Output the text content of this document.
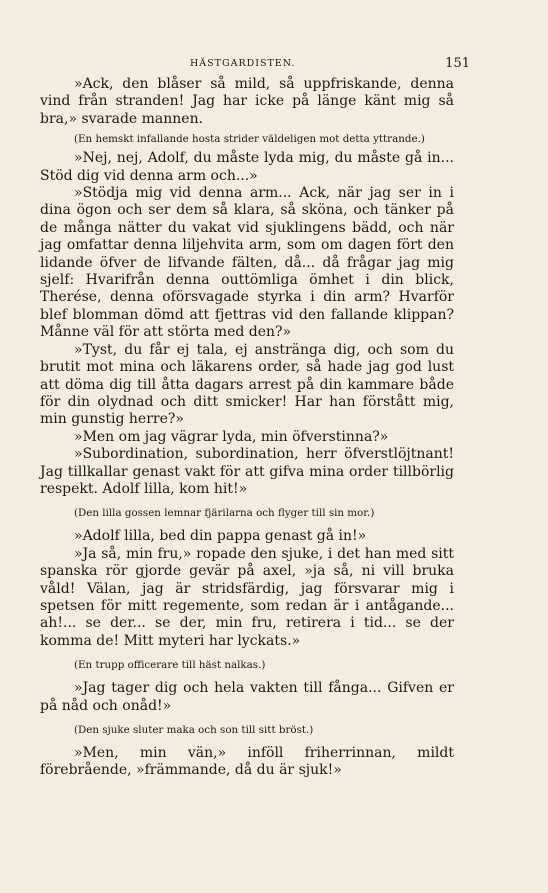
HÄSTGARDISTEN.	151

»Ack, den blåser så mild, så uppfriskande, denna vind från stranden! Jag har icke på länge känt mig så bra,» svarade mannen.

(En hemskt infallande hosta strider väldeligen mot detta yttrande.)

»Nej, nej, Adolf, du måste lyda mig, du måste gå in... Stöd dig vid denna arm och...»

»Stödja mig vid denna arm... Ack, när jag ser in i dina ögon och ser dem så klara, så sköna, och tänker på de många nätter du vakat vid sjuklingens bädd, och när jag omfattar denna liljehvita arm, som om dagen fört den lidande öfver de lifvande fälten, då... då frågar jag mig sjelf: Hvarifrån denna outtömliga ömhet i din blick, Therése, denna oförsvagade styrka i din arm? Hvarför blef blomman dömd att fjettras vid den fallande klippan? Månne väl för att störta med den?»

»Tyst, du får ej tala, ej anstränga dig, och som du brutit mot mina och läkarens order, så hade jag god lust att döma dig till åtta dagars arrest på din kammare både för din olydnad och ditt smicker! Har han förstått mig, min gunstig herre?»

»Men om jag vägrar lyda, min öfverstinna?»

»Subordination, subordination, herr öfverstlöjtnant! Jag tillkallar genast vakt för att gifva mina order tillbörlig respekt. Adolf lilla, kom hit!»

(Den lilla gossen lemnar fjärilarna och flyger till sin mor.)

»Adolf lilla, bed din pappa genast gå in!»

»Ja så, min fru,» ropade den sjuke, i det han med sitt spanska rör gjorde gevär på axel, »ja så, ni vill bruka våld! Välan, jag är stridsfärdig, jag försvarar mig i spetsen för mitt regemente, som redan är i antågande... ah!... se der... se der, min fru, retirera i tid... se der komma de! Mitt myteri har lyckats.»

(En trupp officerare till häst nalkas.)

»Jag tager dig och hela vakten till fånga... Gifven er på nåd och onåd!»

(Den sjuke sluter maka och son till sitt bröst.)

»Men, min vän,» inföll friherrinnan, mildt förebrående, »främmande, då du är sjuk!»
